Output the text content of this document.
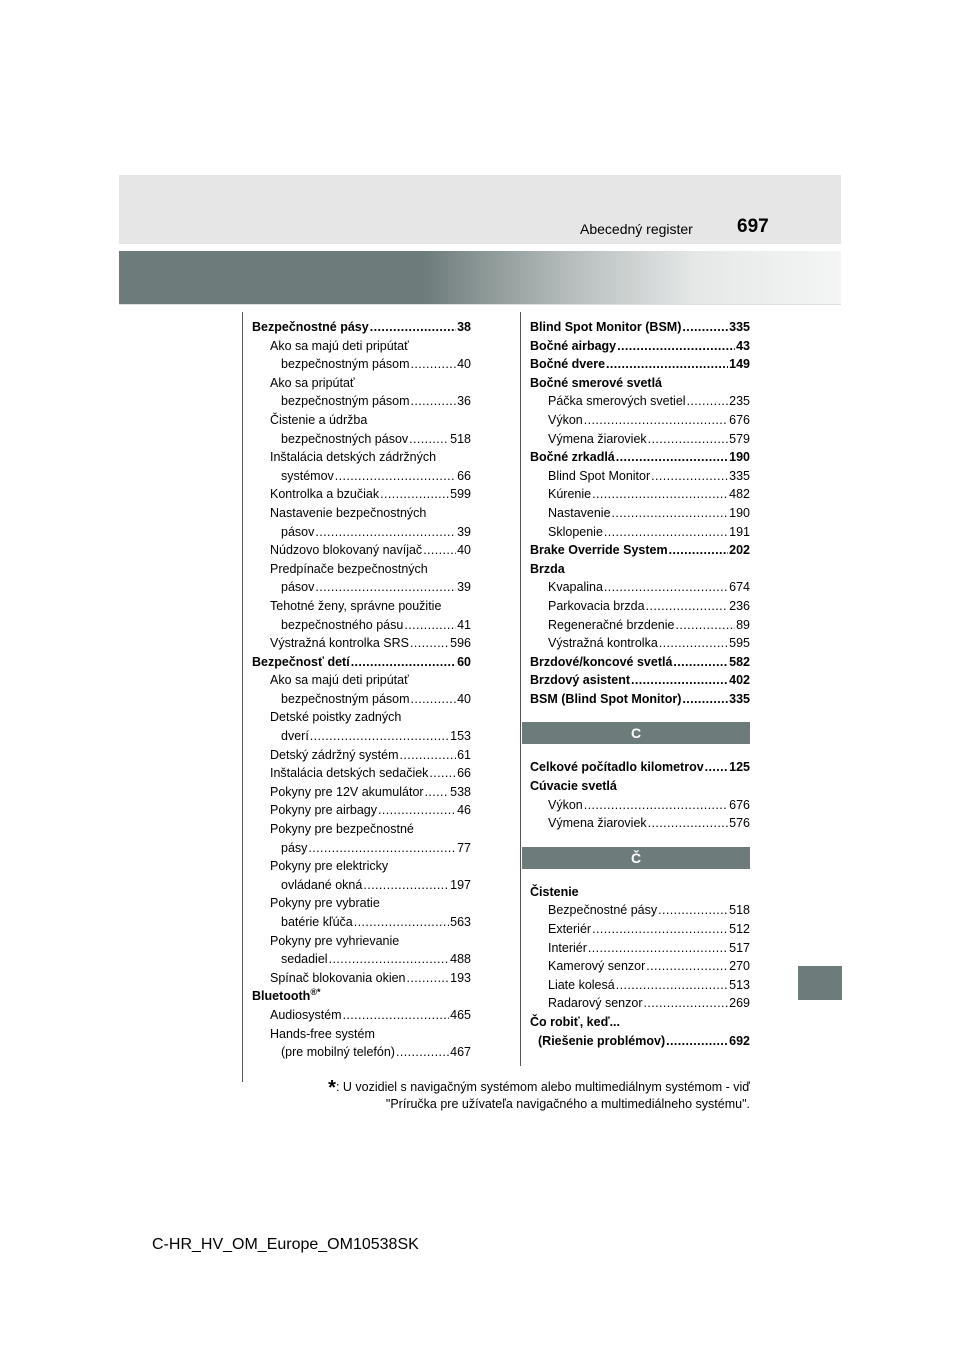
Abecedný register 697
Bezpečnostné pásy .....	38
Ako sa majú deti pripútať
bezpečnostným pásom .....	40
Ako sa pripútať
bezpečnostným pásom .....	36
Čistenie a údržba
bezpečnostných pásov .....	518
Inštalácia detských zádržných
systémov .....	66
Kontrolka a bzučiak .....	599
Nastavenie bezpečnostných
pásov .....	39
Núdzovo blokovaný navíjač .....	40
Predpínače bezpečnostných
pásov .....	39
Tehotné ženy, správne použitie
bezpečnostného pásu .....	41
Výstražná kontrolka SRS .....	596
Bezpečnosť detí .....	60
Ako sa majú deti pripútať
bezpečnostným pásom .....	40
Detské poistky zadných
dverí .....	153
Detský zádržný systém .....	61
Inštalácia detských sedačiek ..... 66
Pokyny pre 12V akumulátor ..... 538
Pokyny pre airbagy .....	46
Pokyny pre bezpečnostné
pásy .....	77
Pokyny pre elektricky
ovládané okná .....	197
Pokyny pre vybratie
batérie kľúča .....	563
Pokyny pre vyhrievanie
sedadiel .....	488
Spínač blokovania okien .....	193
Bluetooth®*
Audiosystém .....	465
Hands-free systém
(pre mobilný telefón) .....	467
Blind Spot Monitor (BSM) .....	335
Bočné airbagy .....	43
Bočné dvere .....	149
Bočné smerové svetlá
Páčka smerových svetiel .....	235
Výkon .....	676
Výmena žiaroviek .....	579
Bočné zrkadlá .....	190
Blind Spot Monitor .....	335
Kúrenie .....	482
Nastavenie .....	190
Sklopenie .....	191
Brake Override System .....	202
Brzda
Kvapalina .....	674
Parkovacia brzda .....	236
Regeneračné brzdenie .....	89
Výstražná kontrolka .....	595
Brzdové/koncové svetlá .....	582
Brzdový asistent .....	402
BSM (Blind Spot Monitor) .....	335
C
Celkové počítadlo kilometrov ..... 125
Cúvacie svetlá
Výkon .....	676
Výmena žiaroviek .....	576
Č
Čistenie
Bezpečnostné pásy .....	518
Exteriér .....	512
Interiér .....	517
Kamerový senzor .....	270
Liate kolesá .....	513
Radarový senzor .....	269
Čo robiť, keď...
(Riešenie problémov) .....	692
*: U vozidiel s navigačným systémom alebo multimediálnym systémom - viď
"Príručka pre užívateľa navigačného a multimediálneho systému".
C-HR_HV_OM_Europe_OM10538SK
